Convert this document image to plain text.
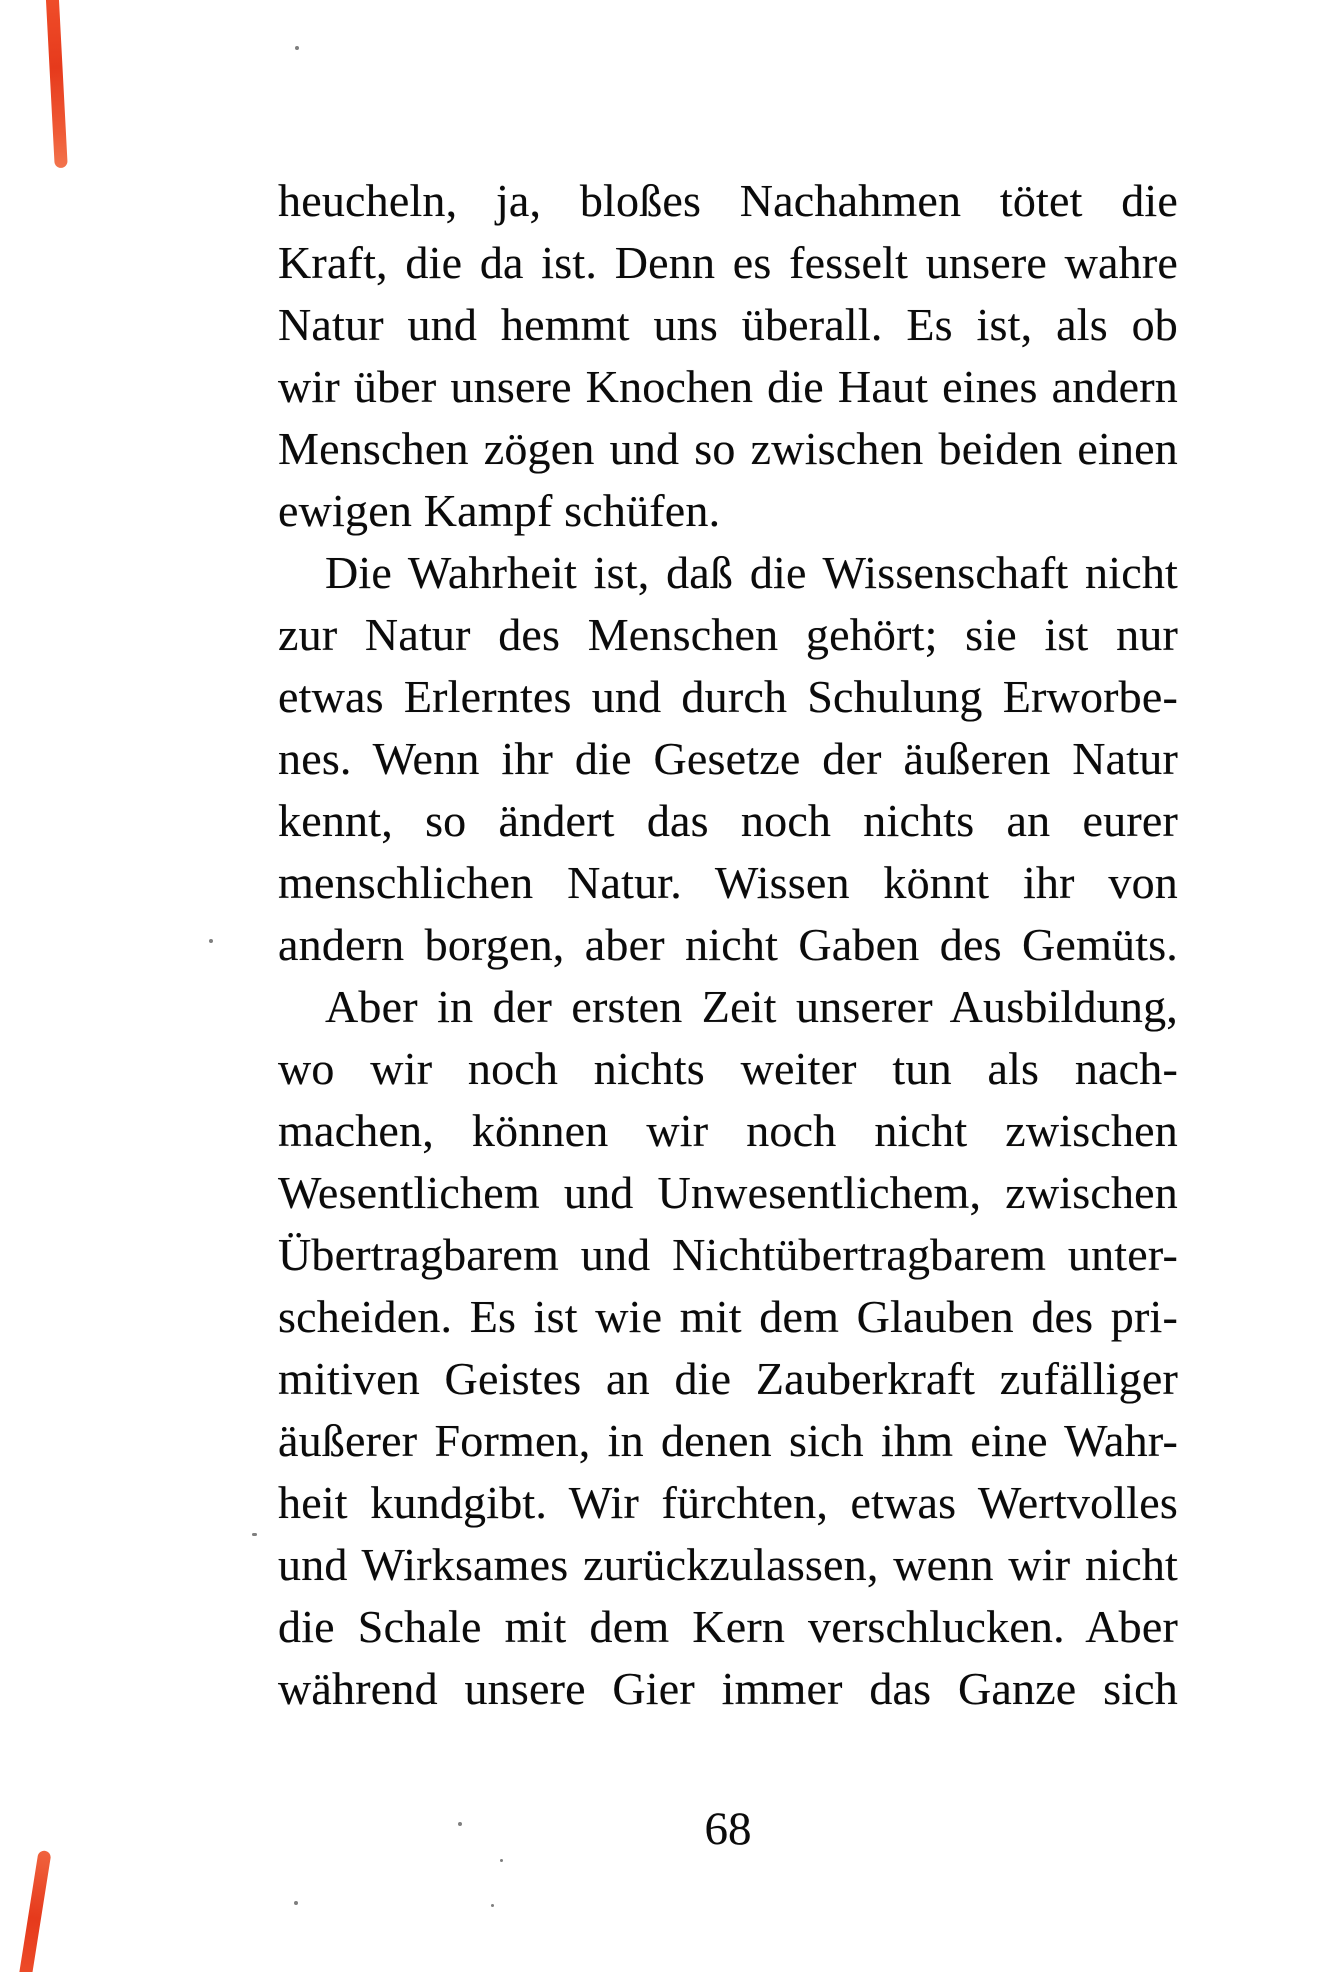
heucheln, ja, bloßes Nachahmen tötet die
Kraft, die da ist. Denn es fesselt unsere wahre
Natur und hemmt uns überall. Es ist, als ob
wir über unsere Knochen die Haut eines andern
Menschen zögen und so zwischen beiden einen
ewigen Kampf schüfen.
Die Wahrheit ist, daß die Wissenschaft nicht
zur Natur des Menschen gehört; sie ist nur
etwas Erlerntes und durch Schulung Erworbe-
nes. Wenn ihr die Gesetze der äußeren Natur
kennt, so ändert das noch nichts an eurer
menschlichen Natur. Wissen könnt ihr von
andern borgen, aber nicht Gaben des Gemüts.
Aber in der ersten Zeit unserer Ausbildung,
wo wir noch nichts weiter tun als nach-
machen, können wir noch nicht zwischen
Wesentlichem und Unwesentlichem, zwischen
Übertragbarem und Nichtübertragbarem unter-
scheiden. Es ist wie mit dem Glauben des pri-
mitiven Geistes an die Zauberkraft zufälliger
äußerer Formen, in denen sich ihm eine Wahr-
heit kundgibt. Wir fürchten, etwas Wertvolles
und Wirksames zurückzulassen, wenn wir nicht
die Schale mit dem Kern verschlucken. Aber
während unsere Gier immer das Ganze sich
68
